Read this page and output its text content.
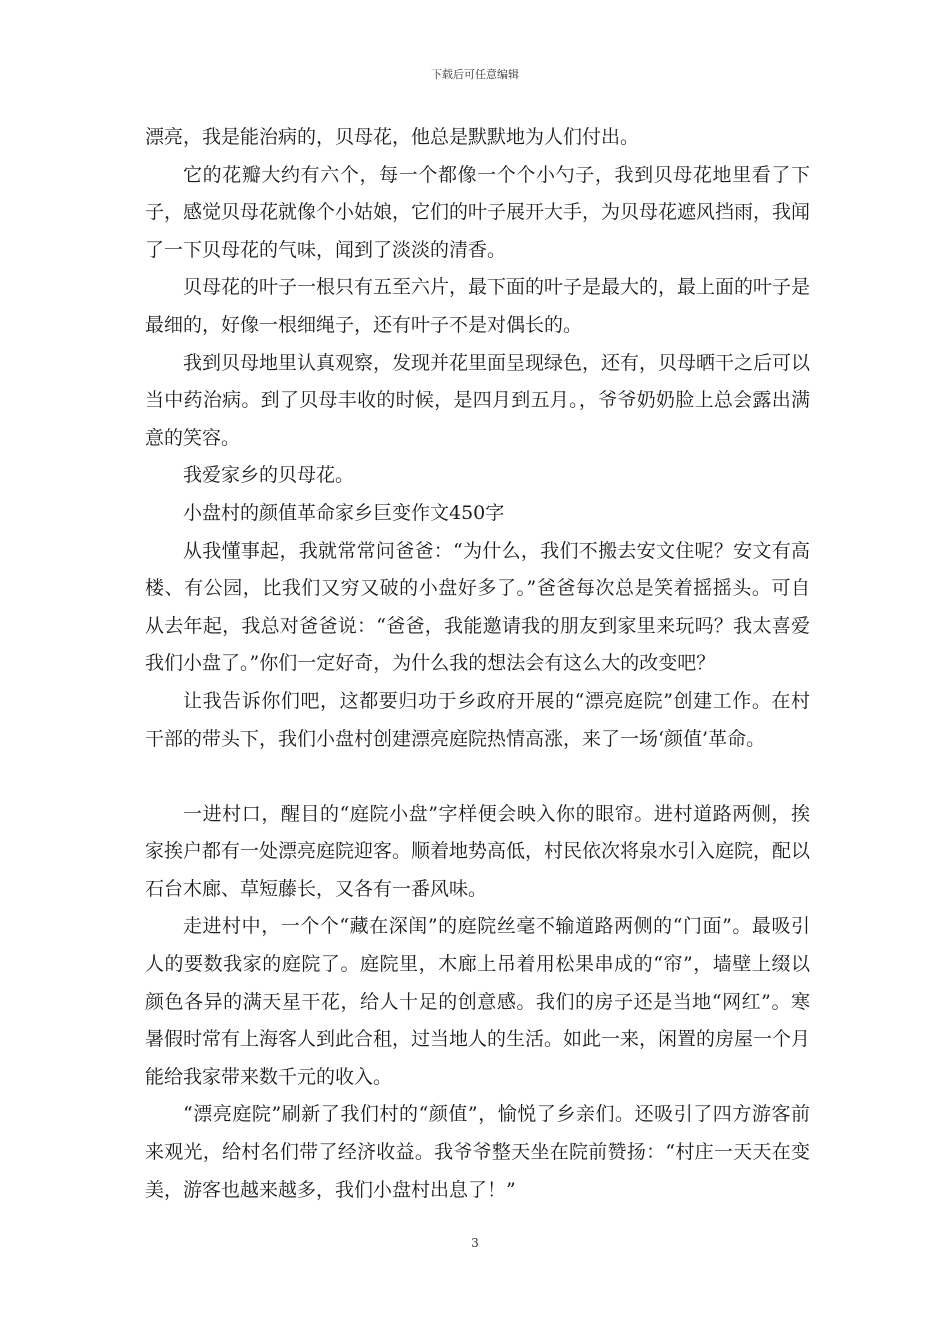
下载后可任意编辑

漂亮，我是能治病的，贝母花，他总是默默地为人们付出。

它的花瓣大约有六个，每一个都像一个个小勺子，我到贝母花地里看了下子，感觉贝母花就像个小姑娘，它们的叶子展开大手，为贝母花遮风挡雨，我闻了一下贝母花的气味，闻到了淡淡的清香。

贝母花的叶子一根只有五至六片，最下面的叶子是最大的，最上面的叶子是最细的，好像一根细绳子，还有叶子不是对偶长的。

我到贝母地里认真观察，发现并花里面呈现绿色，还有，贝母晒干之后可以当中药治病。到了贝母丰收的时候，是四月到五月。，爷爷奶奶脸上总会露出满意的笑容。

我爱家乡的贝母花。

小盘村的颜值革命家乡巨变作文450字

从我懂事起，我就常常问爸爸：“为什么，我们不搬去安文住呢？安文有高楼、有公园，比我们又穷又破的小盘好多了。”爸爸每次总是笑着摇摇头。可自从去年起，我总对爸爸说：“爸爸，我能邀请我的朋友到家里来玩吗？我太喜爱我们小盘了。”你们一定好奇，为什么我的想法会有这么大的改变吧？

让我告诉你们吧，这都要归功于乡政府开展的“漂亮庭院”创建工作。在村干部的带头下，我们小盘村创建漂亮庭院热情高涨，来了一场‘颜值’革命。

一进村口，醒目的“庭院小盘”字样便会映入你的眼帘。进村道路两侧，挨家挨户都有一处漂亮庭院迎客。顺着地势高低，村民依次将泉水引入庭院，配以石台木廊、草短藤长，又各有一番风味。

走进村中，一个个“藏在深闺”的庭院丝毫不输道路两侧的“门面”。最吸引人的要数我家的庭院了。庭院里，木廊上吊着用松果串成的“帘”，墙壁上缀以颜色各异的满天星干花，给人十足的创意感。我们的房子还是当地“网红”。寒暑假时常有上海客人到此合租，过当地人的生活。如此一来，闲置的房屋一个月能给我家带来数千元的收入。

“漂亮庭院”刷新了我们村的“颜值”，愉悦了乡亲们。还吸引了四方游客前来观光，给村名们带了经济收益。我爷爷整天坐在院前赞扬：“村庄一天天在变美，游客也越来越多，我们小盘村出息了！”

3
